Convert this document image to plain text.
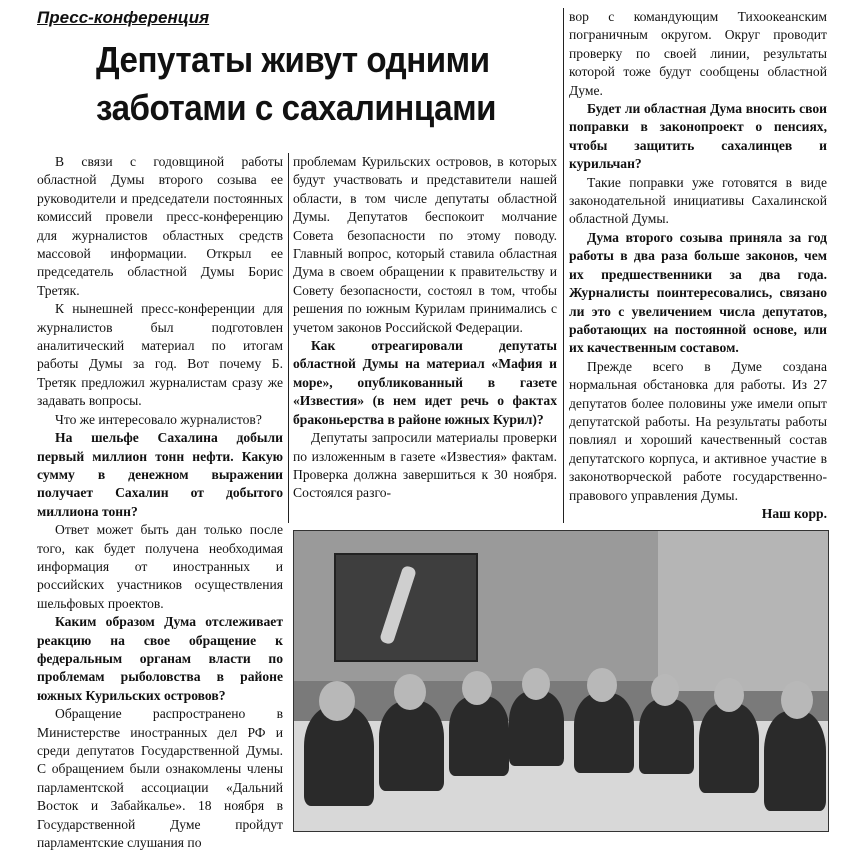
Пресс-конференция
Депутаты живут одними
заботами с сахалинцами

В связи с годовщиной работы областной Думы второго созыва ее руководители и председатели постоянных комиссий провели пресс-конференцию для журналистов областных средств массовой информации. Открыл ее председатель областной Думы Борис Третяк.

К нынешней пресс-конференции для журналистов был подготовлен аналитический материал по итогам работы Думы за год. Вот почему Б. Третяк предложил журналистам сразу же задавать вопросы.

Что же интересовало журналистов?

На шельфе Сахалина добыли первый миллион тонн нефти. Какую сумму в денежном выражении получает Сахалин от добытого миллиона тонн?

Ответ может быть дан только после того, как будет получена необходимая информация от иностранных и российских участников осуществления шельфовых проектов.

Каким образом Дума отслеживает реакцию на свое обращение к федеральным органам власти по проблемам рыболовства в районе южных Курильских островов?

Обращение распространено в Министерстве иностранных дел РФ и среди депутатов Государственной Думы. С обращением были ознакомлены члены парламентской ассоциации «Дальний Восток и Забайкалье». 18 ноября в Государственной Думе пройдут парламентские слушания по

проблемам Курильских островов, в которых будут участвовать и представители нашей области, в том числе депутаты областной Думы. Депутатов беспокоит молчание Совета безопасности по этому поводу. Главный вопрос, который ставила областная Дума в своем обращении к правительству и Совету безопасности, состоял в том, чтобы решения по южным Курилам принимались с учетом законов Российской Федерации.

Как отреагировали депутаты областной Думы на материал «Мафия и море», опубликованный в газете «Известия» (в нем идет речь о фактах браконьерства в районе южных Курил)?

Депутаты запросили материалы проверки по изложенным в газете «Известия» фактам. Проверка должна завершиться к 30 ноября. Состоялся разго-

вор с командующим Тихоокеанским пограничным округом. Округ проводит проверку по своей линии, результаты которой тоже будут сообщены областной Думе.

Будет ли областная Дума вносить свои поправки в законопроект о пенсиях, чтобы защитить сахалинцев и курильчан?

Такие поправки уже готовятся в виде законодательной инициативы Сахалинской областной Думы.

Дума второго созыва приняла за год работы в два раза больше законов, чем их предшественники за два года. Журналисты поинтересовались, связано ли это с увеличением числа депутатов, работающих на постоянной основе, или их качественным составом.

Прежде всего в Думе создана нормальная обстановка для работы. Из 27 депутатов более половины уже имели опыт депутатской работы. На результаты работы повлиял и хороший качественный состав депутатского корпуса, и активное участие в законотворческой работе государственно-правового управления Думы.

Наш корр.
